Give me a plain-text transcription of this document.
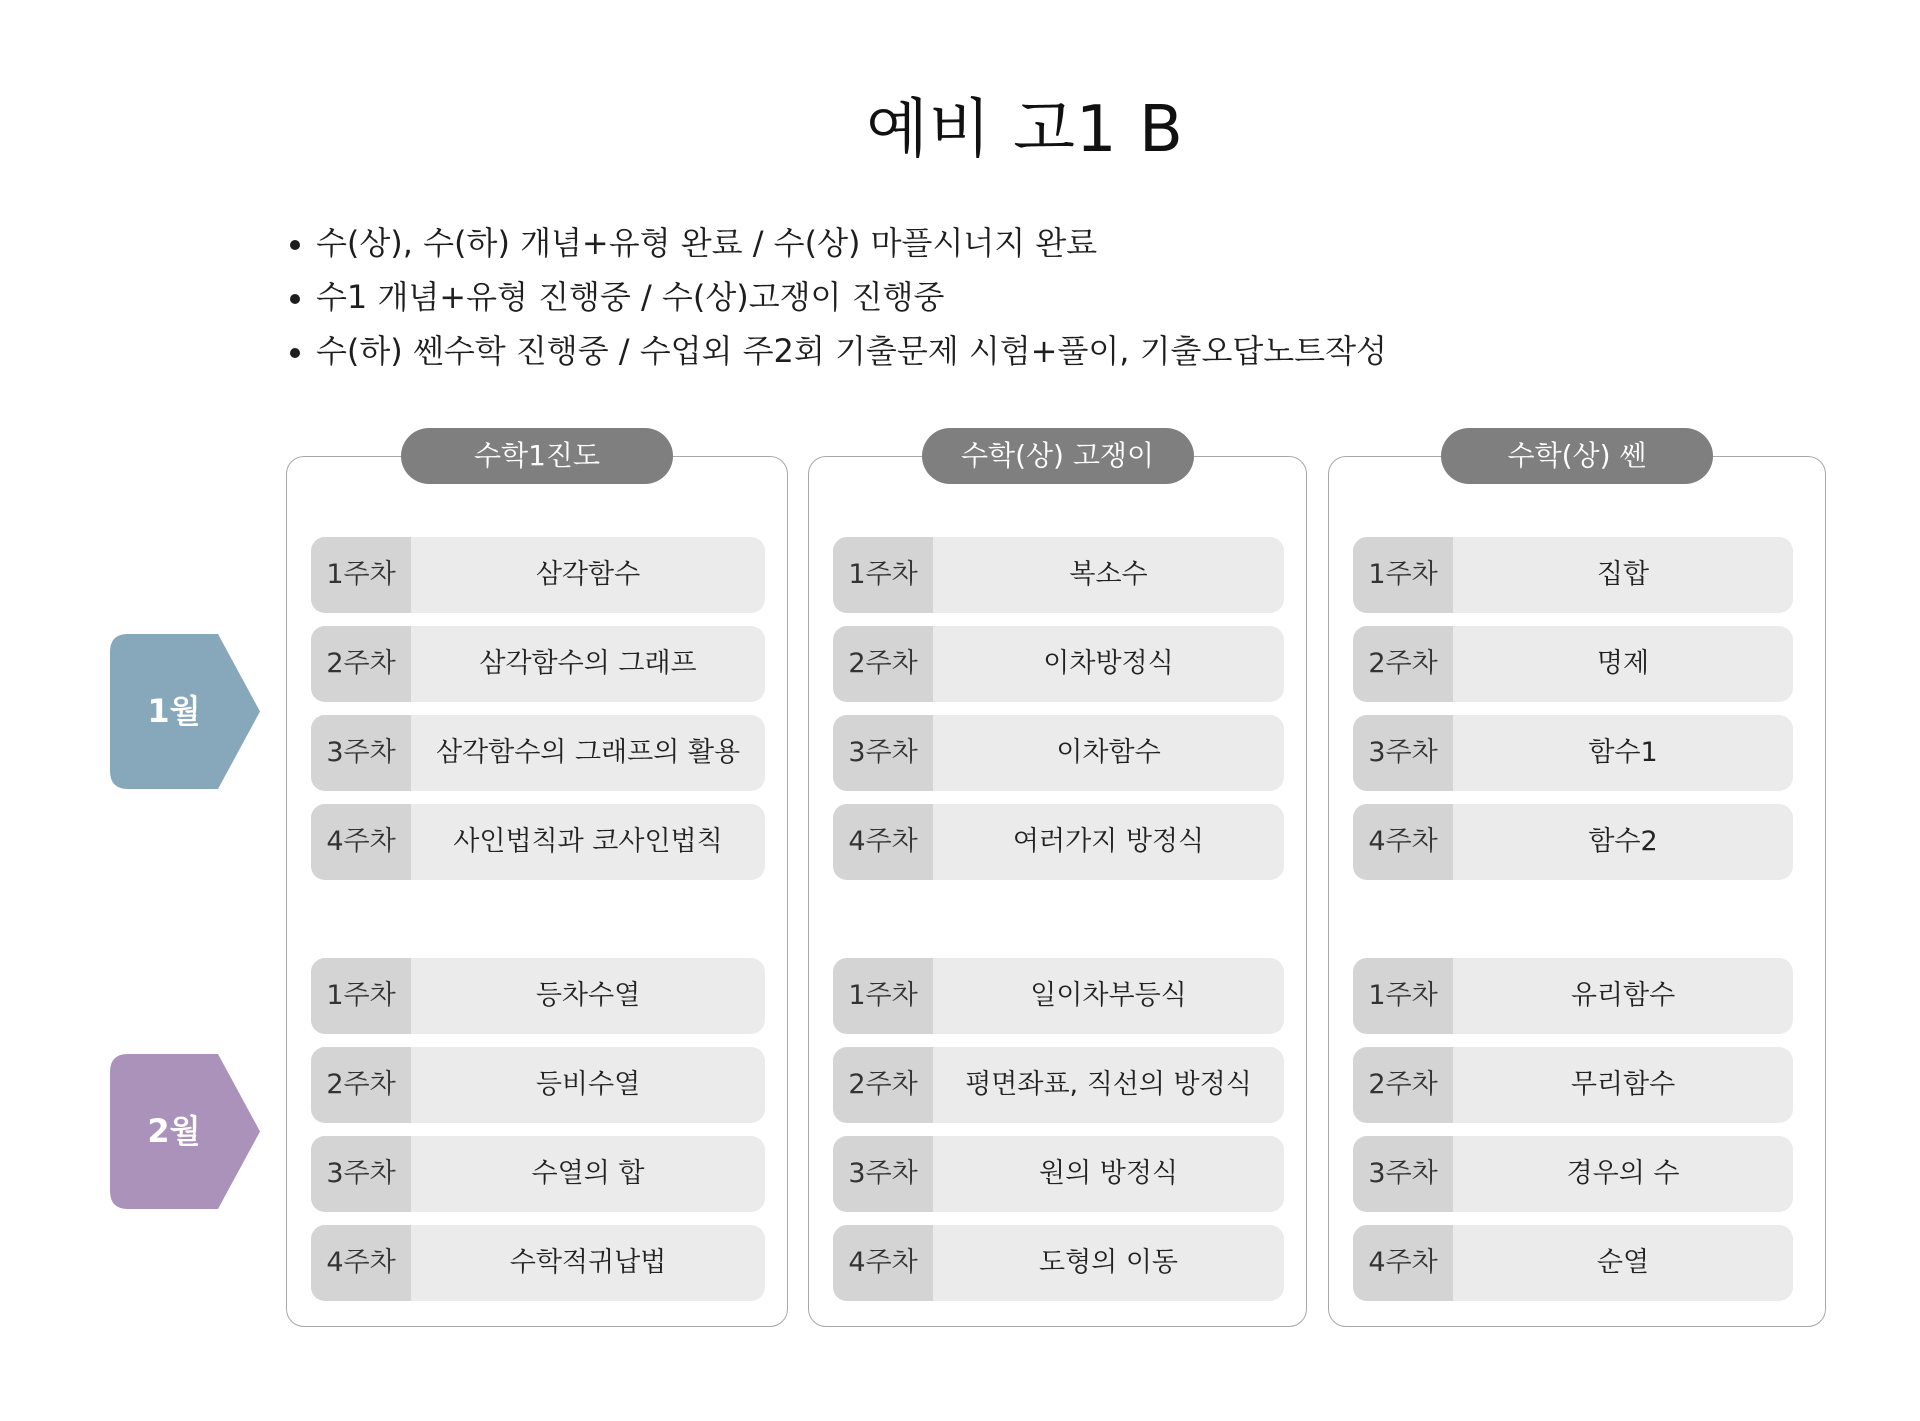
예비 고1 B
수(상), 수(하) 개념+유형 완료 / 수(상) 마플시너지 완료
수1 개념+유형 진행중 / 수(상)고쟁이 진행중
수(하) 쎈수학 진행중 / 수업외 주2회 기출문제 시험+풀이, 기출오답노트작성
1월
2월
수학1진도
1주차	삼각함수
2주차	삼각함수의 그래프
3주차	삼각함수의 그래프의 활용
4주차	사인법칙과 코사인법칙
1주차	등차수열
2주차	등비수열
3주차	수열의 합
4주차	수학적귀납법
수학(상) 고쟁이
1주차	복소수
2주차	이차방정식
3주차	이차함수
4주차	여러가지 방정식
1주차	일이차부등식
2주차	평면좌표, 직선의 방정식
3주차	원의 방정식
4주차	도형의 이동
수학(상) 쎈
1주차	집합
2주차	명제
3주차	함수1
4주차	함수2
1주차	유리함수
2주차	무리함수
3주차	경우의 수
4주차	순열
